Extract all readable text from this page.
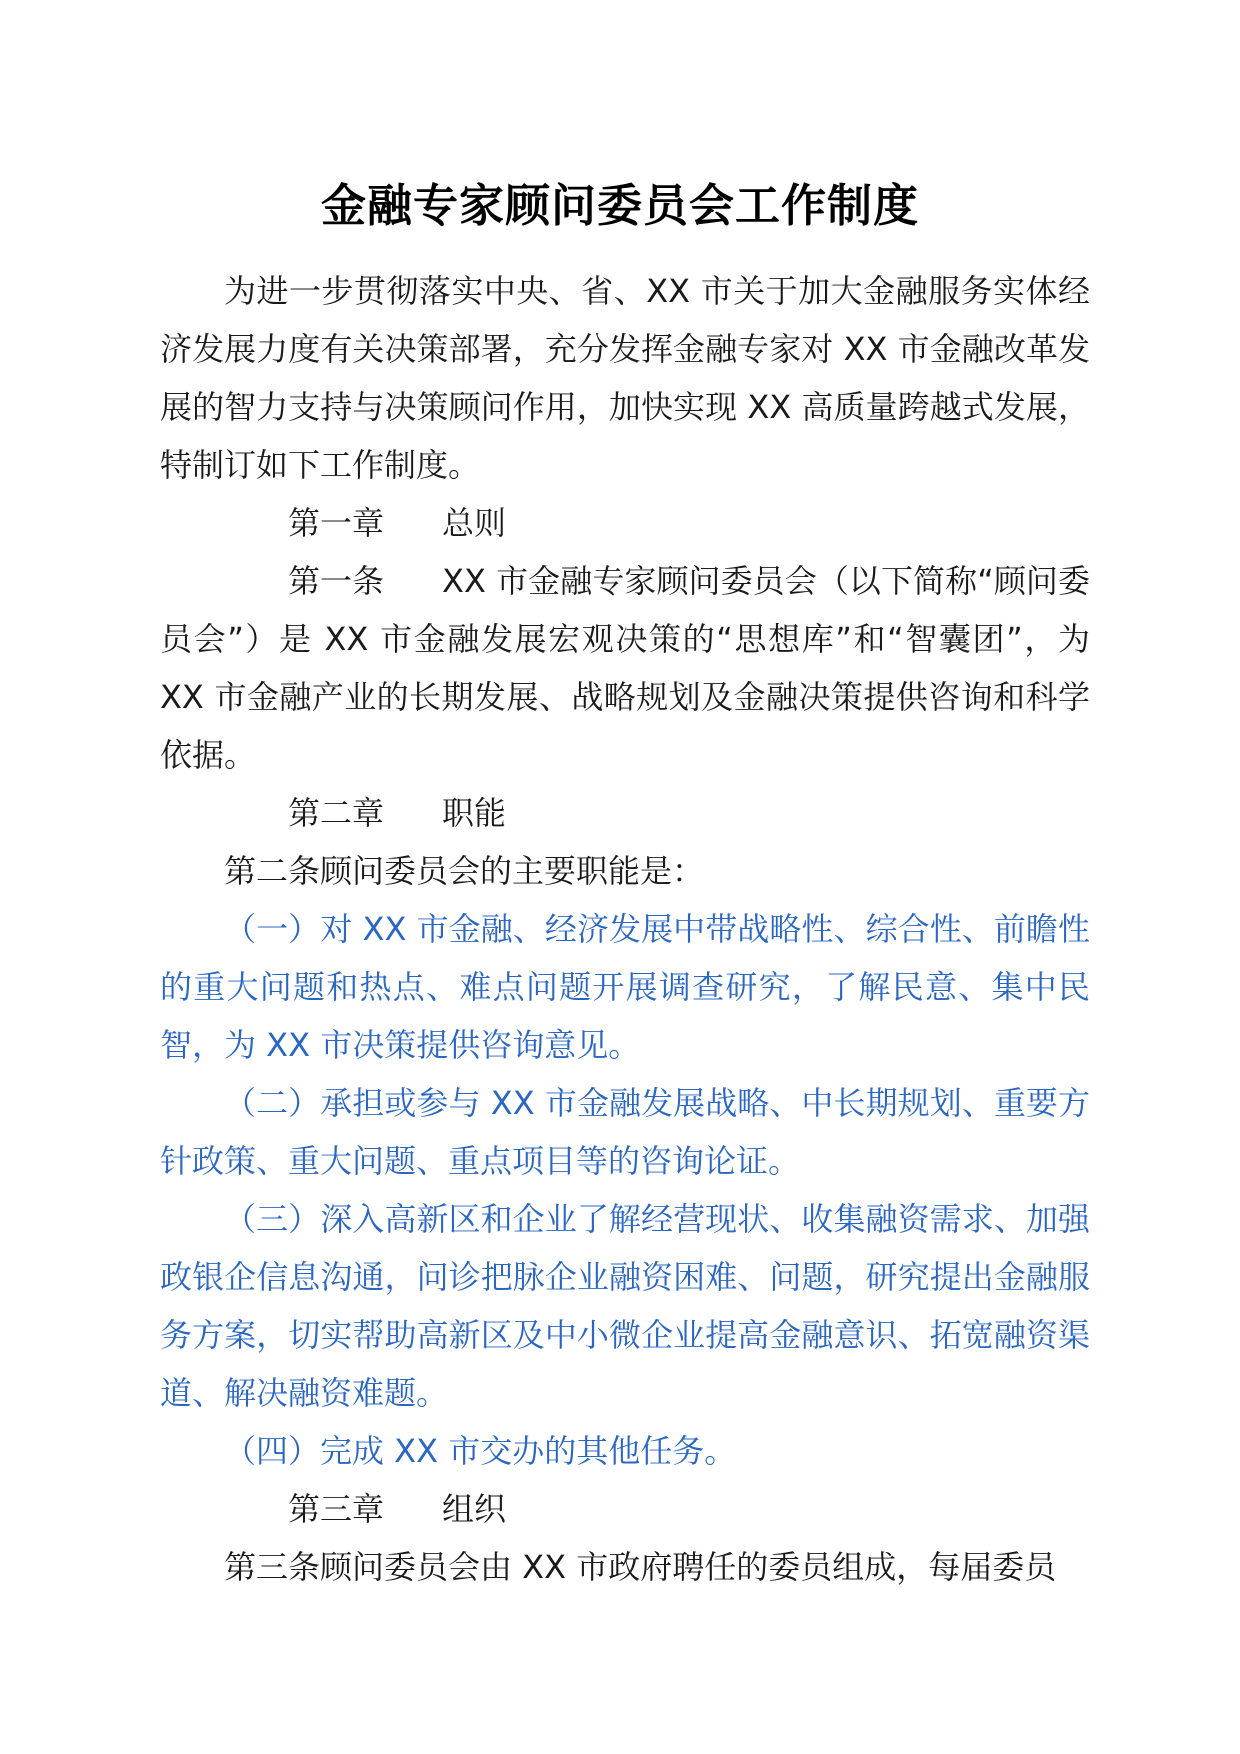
金融专家顾问委员会工作制度

为进一步贯彻落实中央、省、XX 市关于加大金融服务实体经济发展力度有关决策部署，充分发挥金融专家对 XX 市金融改革发展的智力支持与决策顾问作用，加快实现 XX 高质量跨越式发展，特制订如下工作制度。

第一章 总则

第一条 XX 市金融专家顾问委员会（以下简称“顾问委员会”）是 XX 市金融发展宏观决策的“思想库”和“智囊团”，为 XX 市金融产业的长期发展、战略规划及金融决策提供咨询和科学依据。

第二章 职能

第二条顾问委员会的主要职能是：

（一）对 XX 市金融、经济发展中带战略性、综合性、前瞻性的重大问题和热点、难点问题开展调查研究，了解民意、集中民智，为 XX 市决策提供咨询意见。

（二）承担或参与 XX 市金融发展战略、中长期规划、重要方针政策、重大问题、重点项目等的咨询论证。

（三）深入高新区和企业了解经营现状、收集融资需求、加强政银企信息沟通，问诊把脉企业融资困难、问题，研究提出金融服务方案，切实帮助高新区及中小微企业提高金融意识、拓宽融资渠道、解决融资难题。

（四）完成 XX 市交办的其他任务。

第三章 组织

第三条顾问委员会由 XX 市政府聘任的委员组成，每届委员
